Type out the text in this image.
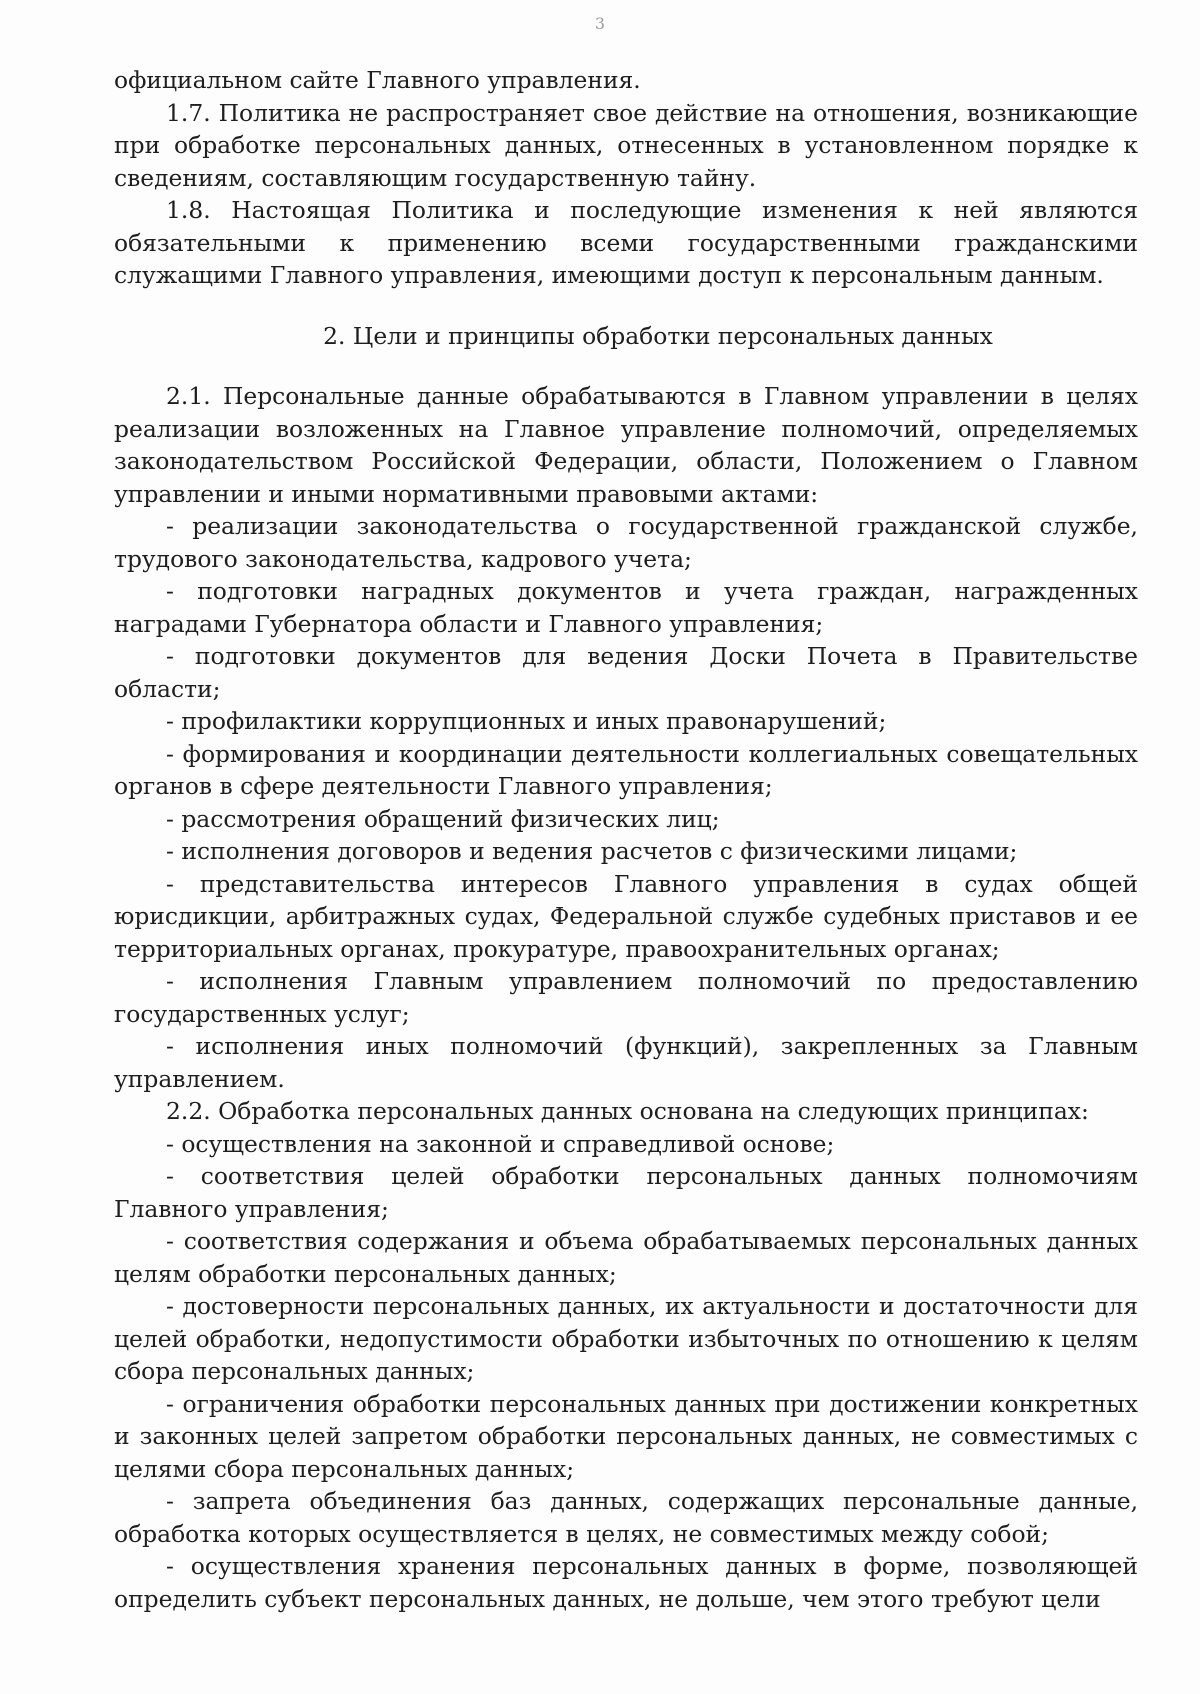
3

официальном сайте Главного управления.

1.7. Политика не распространяет свое действие на отношения, возникающие при обработке персональных данных, отнесенных в установленном порядке к сведениям, составляющим государственную тайну.

1.8. Настоящая Политика и последующие изменения к ней являются обязательными к применению всеми государственными гражданскими служащими Главного управления, имеющими доступ к персональным данным.

2. Цели и принципы обработки персональных данных

2.1. Персональные данные обрабатываются в Главном управлении в целях реализации возложенных на Главное управление полномочий, определяемых законодательством Российской Федерации, области, Положением о Главном управлении и иными нормативными правовыми актами:

- реализации законодательства о государственной гражданской службе, трудового законодательства, кадрового учета;

- подготовки наградных документов и учета граждан, награжденных наградами Губернатора области и Главного управления;

- подготовки документов для ведения Доски Почета в Правительстве области;

- профилактики коррупционных и иных правонарушений;

- формирования и координации деятельности коллегиальных совещательных органов в сфере деятельности Главного управления;

- рассмотрения обращений физических лиц;

- исполнения договоров и ведения расчетов с физическими лицами;

- представительства интересов Главного управления в судах общей юрисдикции, арбитражных судах, Федеральной службе судебных приставов и ее территориальных органах, прокуратуре, правоохранительных органах;

- исполнения Главным управлением полномочий по предоставлению государственных услуг;

- исполнения иных полномочий (функций), закрепленных за Главным управлением.

2.2. Обработка персональных данных основана на следующих принципах:

- осуществления на законной и справедливой основе;

- соответствия целей обработки персональных данных полномочиям Главного управления;

- соответствия содержания и объема обрабатываемых персональных данных целям обработки персональных данных;

- достоверности персональных данных, их актуальности и достаточности для целей обработки, недопустимости обработки избыточных по отношению к целям сбора персональных данных;

- ограничения обработки персональных данных при достижении конкретных и законных целей запретом обработки персональных данных, не совместимых с целями сбора персональных данных;

- запрета объединения баз данных, содержащих персональные данные, обработка которых осуществляется в целях, не совместимых между собой;

- осуществления хранения персональных данных в форме, позволяющей определить субъект персональных данных, не дольше, чем этого требуют цели
